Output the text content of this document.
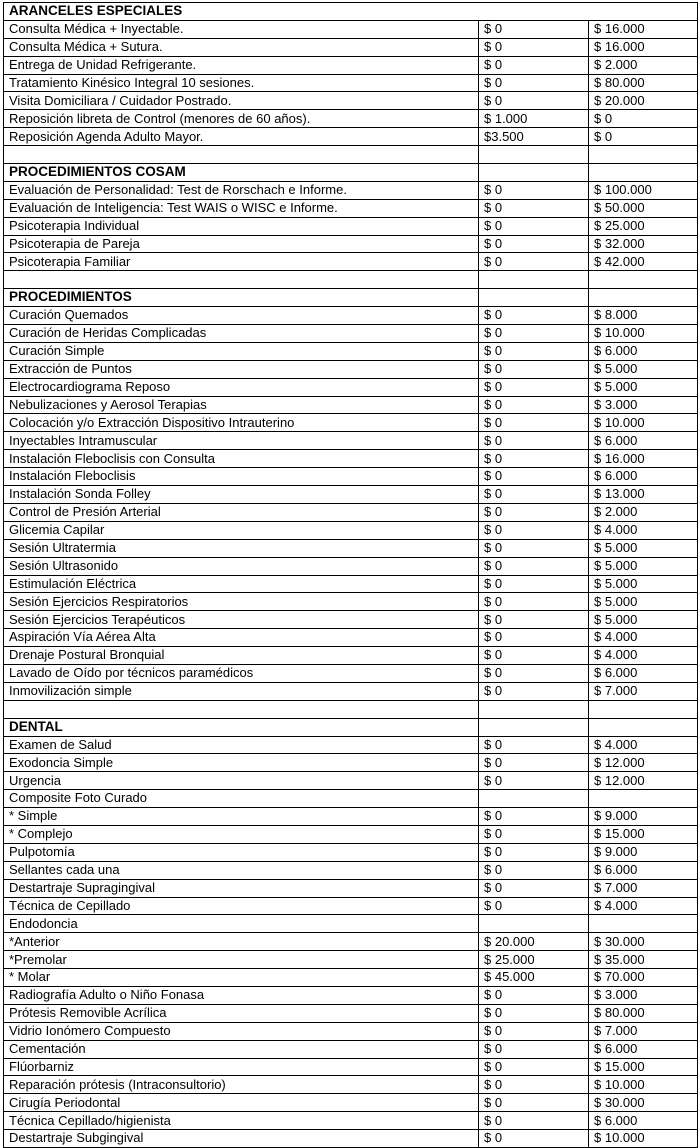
ARANCELES ESPECIALES		
Consulta Médica + Inyectable.	$ 0	$ 16.000
Consulta Médica + Sutura.	$ 0	$ 16.000
Entrega de Unidad Refrigerante.	$ 0	$ 2.000
Tratamiento Kinésico Integral 10 sesiones.	$ 0	$ 80.000
Visita Domiciliara / Cuidador Postrado.	$ 0	$ 20.000
Reposición libreta de Control (menores de 60 años).	$ 1.000	$ 0
Reposición Agenda Adulto Mayor.	$3.500	$ 0

PROCEDIMIENTOS COSAM		
Evaluación de Personalidad: Test de Rorschach e Informe.	$ 0	$ 100.000
Evaluación de Inteligencia: Test WAIS o WISC e Informe.	$ 0	$ 50.000
Psicoterapia Individual	$ 0	$ 25.000
Psicoterapia de Pareja	$ 0	$ 32.000
Psicoterapia Familiar	$ 0	$ 42.000

PROCEDIMIENTOS		
Curación Quemados	$ 0	$ 8.000
Curación de Heridas Complicadas	$ 0	$ 10.000
Curación Simple	$ 0	$ 6.000
Extracción de Puntos	$ 0	$ 5.000
Electrocardiograma Reposo	$ 0	$ 5.000
Nebulizaciones y Aerosol Terapias	$ 0	$ 3.000
Colocación y/o Extracción Dispositivo Intrauterino	$ 0	$ 10.000
Inyectables Intramuscular	$ 0	$ 6.000
Instalación Fleboclisis con Consulta	$ 0	$ 16.000
Instalación Fleboclisis	$ 0	$ 6.000
Instalación Sonda Folley	$ 0	$ 13.000
Control de Presión Arterial	$ 0	$ 2.000
Glicemia Capilar	$ 0	$ 4.000
Sesión Ultratermia	$ 0	$ 5.000
Sesión Ultrasonido	$ 0	$ 5.000
Estimulación Eléctrica	$ 0	$ 5.000
Sesión Ejercicios Respiratorios	$ 0	$ 5.000
Sesión Ejercicios Terapéuticos	$ 0	$ 5.000
Aspiración Vía Aérea Alta	$ 0	$ 4.000
Drenaje Postural Bronquial	$ 0	$ 4.000
Lavado de Oído por técnicos paramédicos	$ 0	$ 6.000
Inmovilización simple	$ 0	$ 7.000

DENTAL		
Examen de Salud	$ 0	$ 4.000
Exodoncia Simple	$ 0	$ 12.000
Urgencia	$ 0	$ 12.000
Composite Foto Curado		
* Simple	$ 0	$ 9.000
* Complejo	$ 0	$ 15.000
Pulpotomía	$ 0	$ 9.000
Sellantes cada una	$ 0	$ 6.000
Destartraje Supragingival	$ 0	$ 7.000
Técnica de Cepillado	$ 0	$ 4.000
Endodoncia		
*Anterior	$ 20.000	$ 30.000
*Premolar	$ 25.000	$ 35.000
* Molar	$ 45.000	$ 70.000
Radiografía Adulto o Niño Fonasa	$ 0	$ 3.000
Prótesis Removible Acrílica	$ 0	$ 80.000
Vidrio Ionómero Compuesto	$ 0	$ 7.000
Cementación	$ 0	$ 6.000
Flúorbarniz	$ 0	$ 15.000
Reparación prótesis (Intraconsultorio)	$ 0	$ 10.000
Cirugía Periodontal	$ 0	$ 30.000
Técnica Cepillado/higienista	$ 0	$ 6.000
Destartraje Subgingival	$ 0	$ 10.000
